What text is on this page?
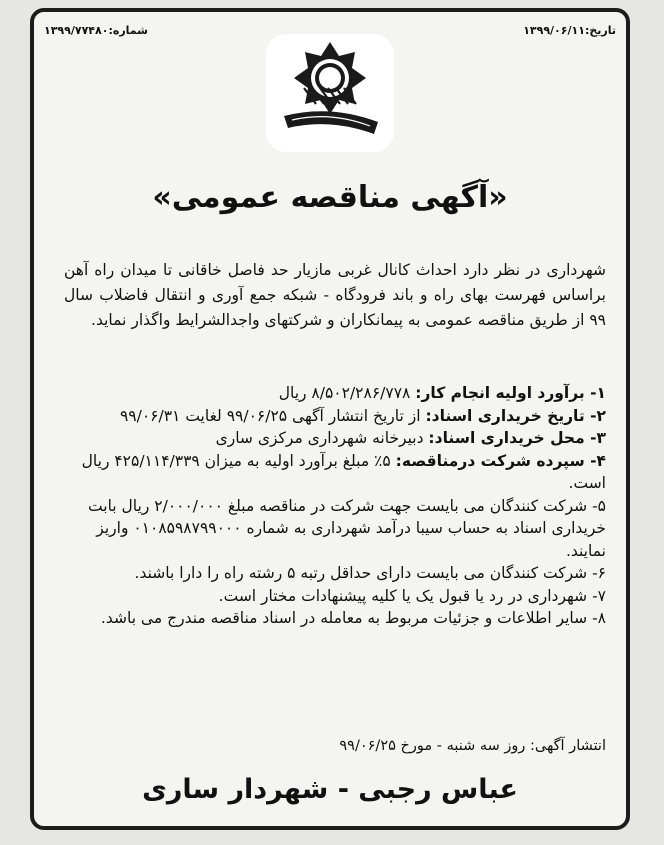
تاریخ:۱۳۹۹/۰۶/۱۱
شماره:۱۳۹۹/۷۷۴۸۰
«آگهی مناقصه عمومی»

شهرداری در نظر دارد احداث کانال غربی مازیار حد فاصل خاقانی تا میدان راه آهن براساس فهرست بهای راه و باند فرودگاه - شبکه جمع آوری و انتقال فاضلاب سال ۹۹ از طریق مناقصه عمومی به پیمانکاران و شرکتهای واجدالشرایط واگذار نماید.

۱- برآورد اولیه انجام کار: ۸/۵۰۲/۲۸۶/۷۷۸ ریال

۲- تاریخ خریداری اسناد: از تاریخ انتشار آگهی ۹۹/۰۶/۲۵ لغایت ۹۹/۰۶/۳۱

۳- محل خریداری اسناد: دبیرخانه شهرداری مرکزی ساری

۴- سپرده شرکت درمناقصه: ۵٪ مبلغ برآورد اولیه به میزان ۴۲۵/۱۱۴/۳۳۹ ریال است.

۵- شرکت کنندگان می بایست جهت شرکت در مناقصه مبلغ ۲/۰۰۰/۰۰۰ ریال بابت خریداری اسناد به حساب سیبا درآمد شهرداری به شماره ۰۱۰۸۵۹۸۷۹۹۰۰۰ واریز نمایند.

۶- شرکت کنندگان می بایست دارای حداقل رتبه ۵ رشته راه را دارا باشند.

۷- شهرداری در رد یا قبول یک یا کلیه پیشنهادات مختار است.

۸- سایر اطلاعات و جزئیات مربوط به معامله در اسناد مناقصه مندرج می باشد.

انتشار آگهی: روز سه شنبه - مورخ ۹۹/۰۶/۲۵
عباس رجبی - شهردار ساری
